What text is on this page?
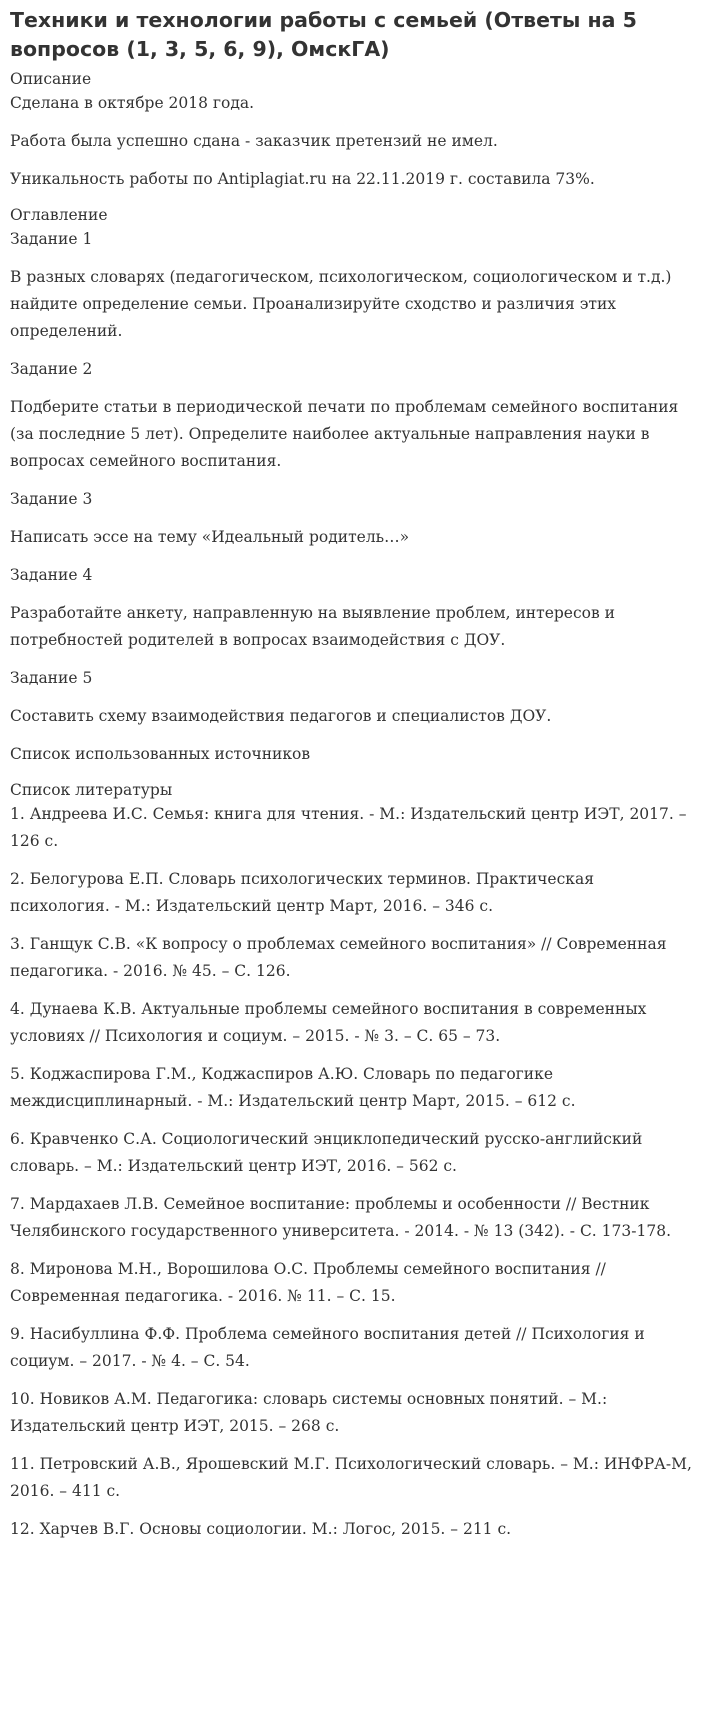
Техники и технологии работы с семьей (Ответы на 5 вопросов (1, 3, 5, 6, 9), ОмскГА)
Описание

Сделана в октябре 2018 года.

Работа была успешно сдана - заказчик претензий не имел.

Уникальность работы по Antiplagiat.ru на 22.11.2019 г. составила 73%.

Оглавление

Задание 1

В разных словарях (педагогическом, психологическом, социологическом и т.д.) найдите определение семьи. Проанализируйте сходство и различия этих определений.

Задание 2

Подберите статьи в периодической печати по проблемам семейного воспитания (за последние 5 лет). Определите наиболее актуальные направления науки в вопросах семейного воспитания.

Задание 3

Написать эссе на тему «Идеальный родитель…»

Задание 4

Разработайте анкету, направленную на выявление проблем, интересов и потребностей родителей в вопросах взаимодействия с ДОУ.

Задание 5

Составить схему взаимодействия педагогов и специалистов ДОУ.

Список использованных источников

Список литературы

1. Андреева И.С. Семья: книга для чтения. - М.: Издательский центр ИЭТ, 2017. – 126 с.

2. Белогурова Е.П. Словарь психологических терминов. Практическая психология. - М.: Издательский центр Март, 2016. – 346 с.

3. Ганщук С.В. «К вопросу о проблемах семейного воспитания» // Современная педагогика. - 2016. № 45. – С. 126.

4. Дунаева К.В. Актуальные проблемы семейного воспитания в современных условиях // Психология и социум. – 2015. - № 3. – С. 65 – 73.

5. Коджаспирова Г.М., Коджаспиров А.Ю. Словарь по педагогике междисциплинарный. - М.: Издательский центр Март, 2015. – 612 с.

6. Кравченко С.А. Социологический энциклопедический русско-английский словарь. – М.: Издательский центр ИЭТ, 2016. – 562 с.

7. Мардахаев Л.В. Семейное воспитание: проблемы и особенности // Вестник Челябинского государственного университета. - 2014. - № 13 (342). - С. 173-178.

8. Миронова М.Н., Ворошилова О.С. Проблемы семейного воспитания // Современная педагогика. - 2016. № 11. – С. 15.

9. Насибуллина Ф.Ф. Проблема семейного воспитания детей // Психология и социум. – 2017. - № 4. – С. 54.

10. Новиков А.М. Педагогика: словарь системы основных понятий. – М.: Издательский центр ИЭТ, 2015. – 268 с.

11. Петровский А.В., Ярошевский М.Г. Психологический словарь. – М.: ИНФРА-М, 2016. – 411 с.

12. Харчев В.Г. Основы социологии. М.: Логос, 2015. – 211 с.
